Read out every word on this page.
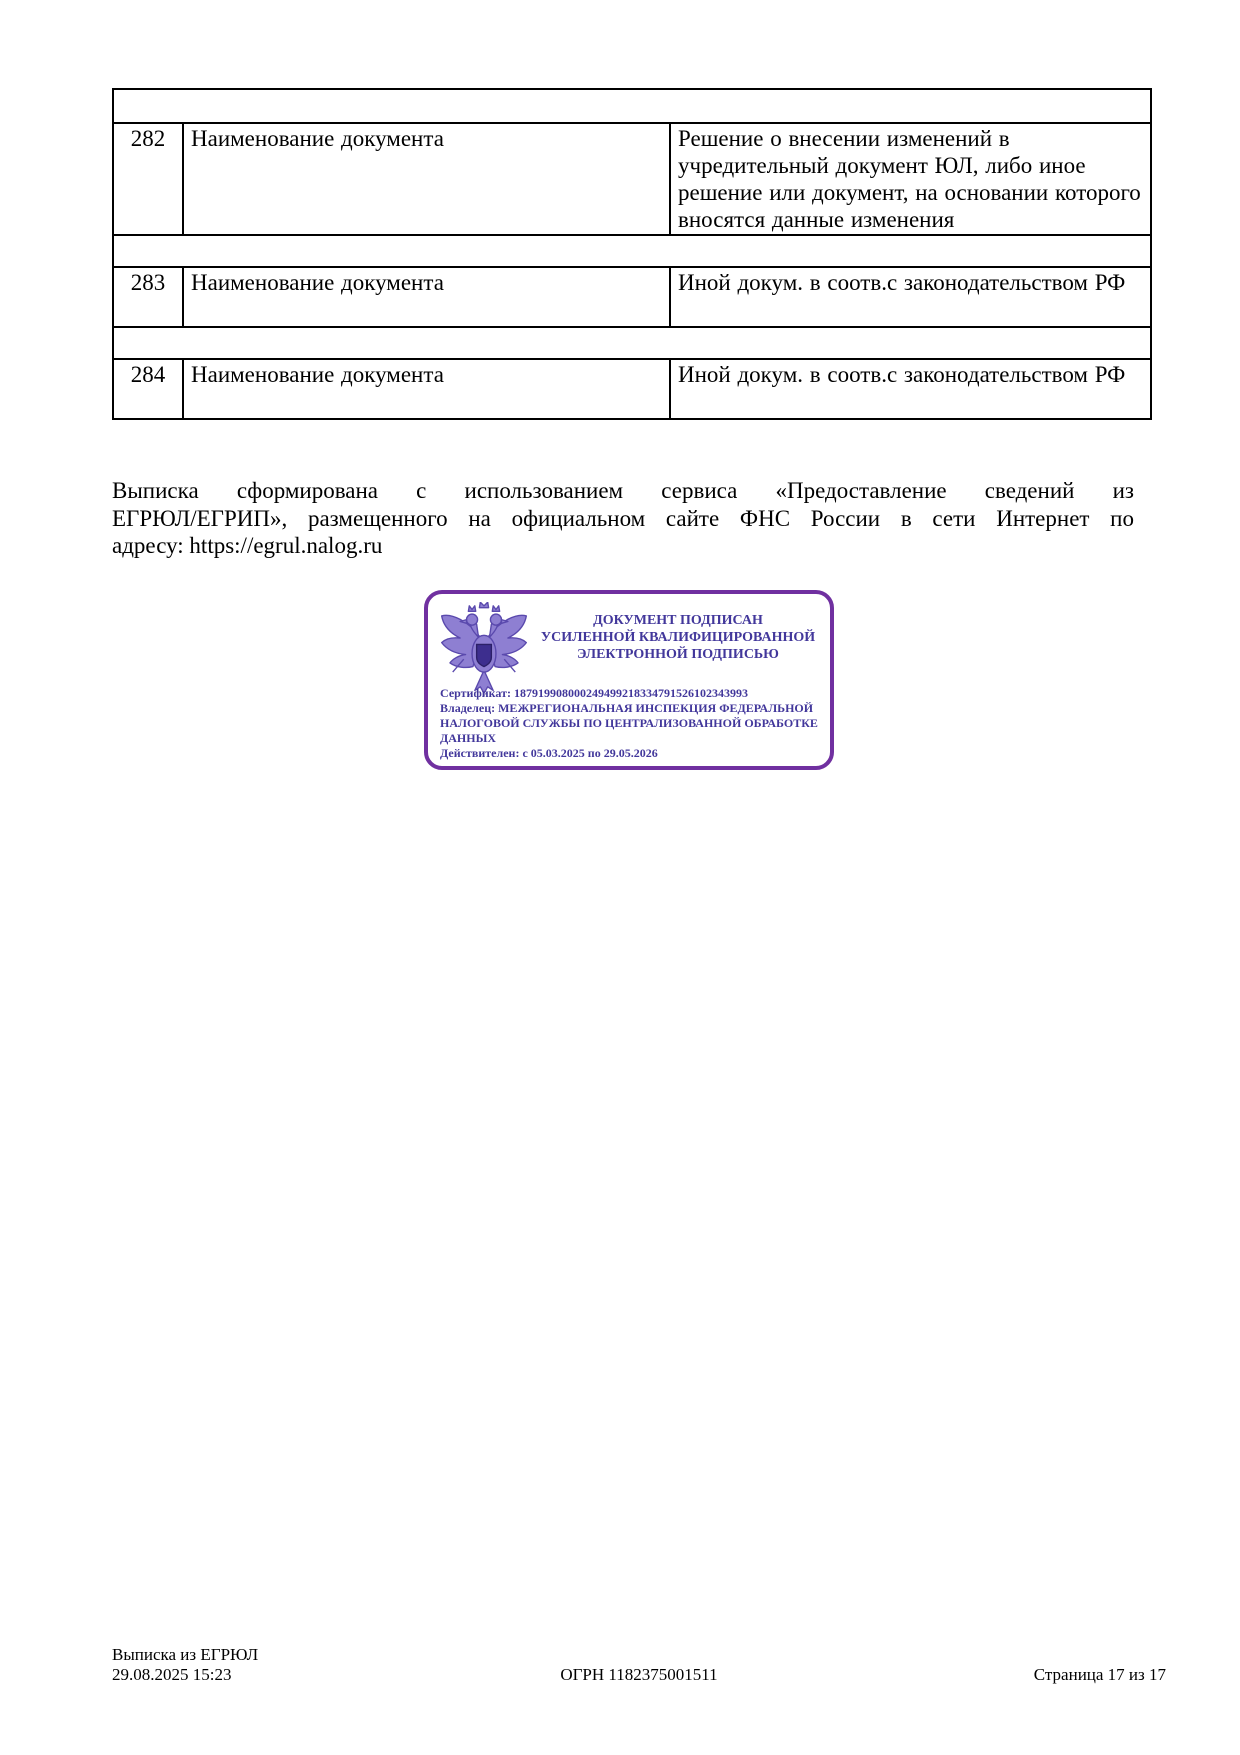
282	Наименование документа	Решение о внесении изменений в учредительный документ ЮЛ, либо иное решение или документ, на основании которого вносятся данные изменения

283	Наименование документа	Иной докум. в соотв.с законодательством РФ

284	Наименование документа	Иной докум. в соотв.с законодательством РФ
Выписка сформирована с использованием сервиса «Предоставление сведений из
ЕГРЮЛ/ЕГРИП», размещенного на официальном сайте ФНС России в сети Интернет по
адресу: https://egrul.nalog.ru
ДОКУМЕНТ ПОДПИСАН
УСИЛЕННОЙ КВАЛИФИЦИРОВАННОЙ
ЭЛЕКТРОННОЙ ПОДПИСЬЮ

Сертификат: 187919908000249499218334791526102343993

Владелец: МЕЖРЕГИОНАЛЬНАЯ ИНСПЕКЦИЯ ФЕДЕРАЛЬНОЙ НАЛОГОВОЙ СЛУЖБЫ ПО ЦЕНТРАЛИЗОВАННОЙ ОБРАБОТКЕ ДАННЫХ

Действителен: с 05.03.2025 по 29.05.2026

Выписка из ЕГРЮЛ
29.08.2025 15:23	ОГРН 1182375001511	Страница 17 из 17
